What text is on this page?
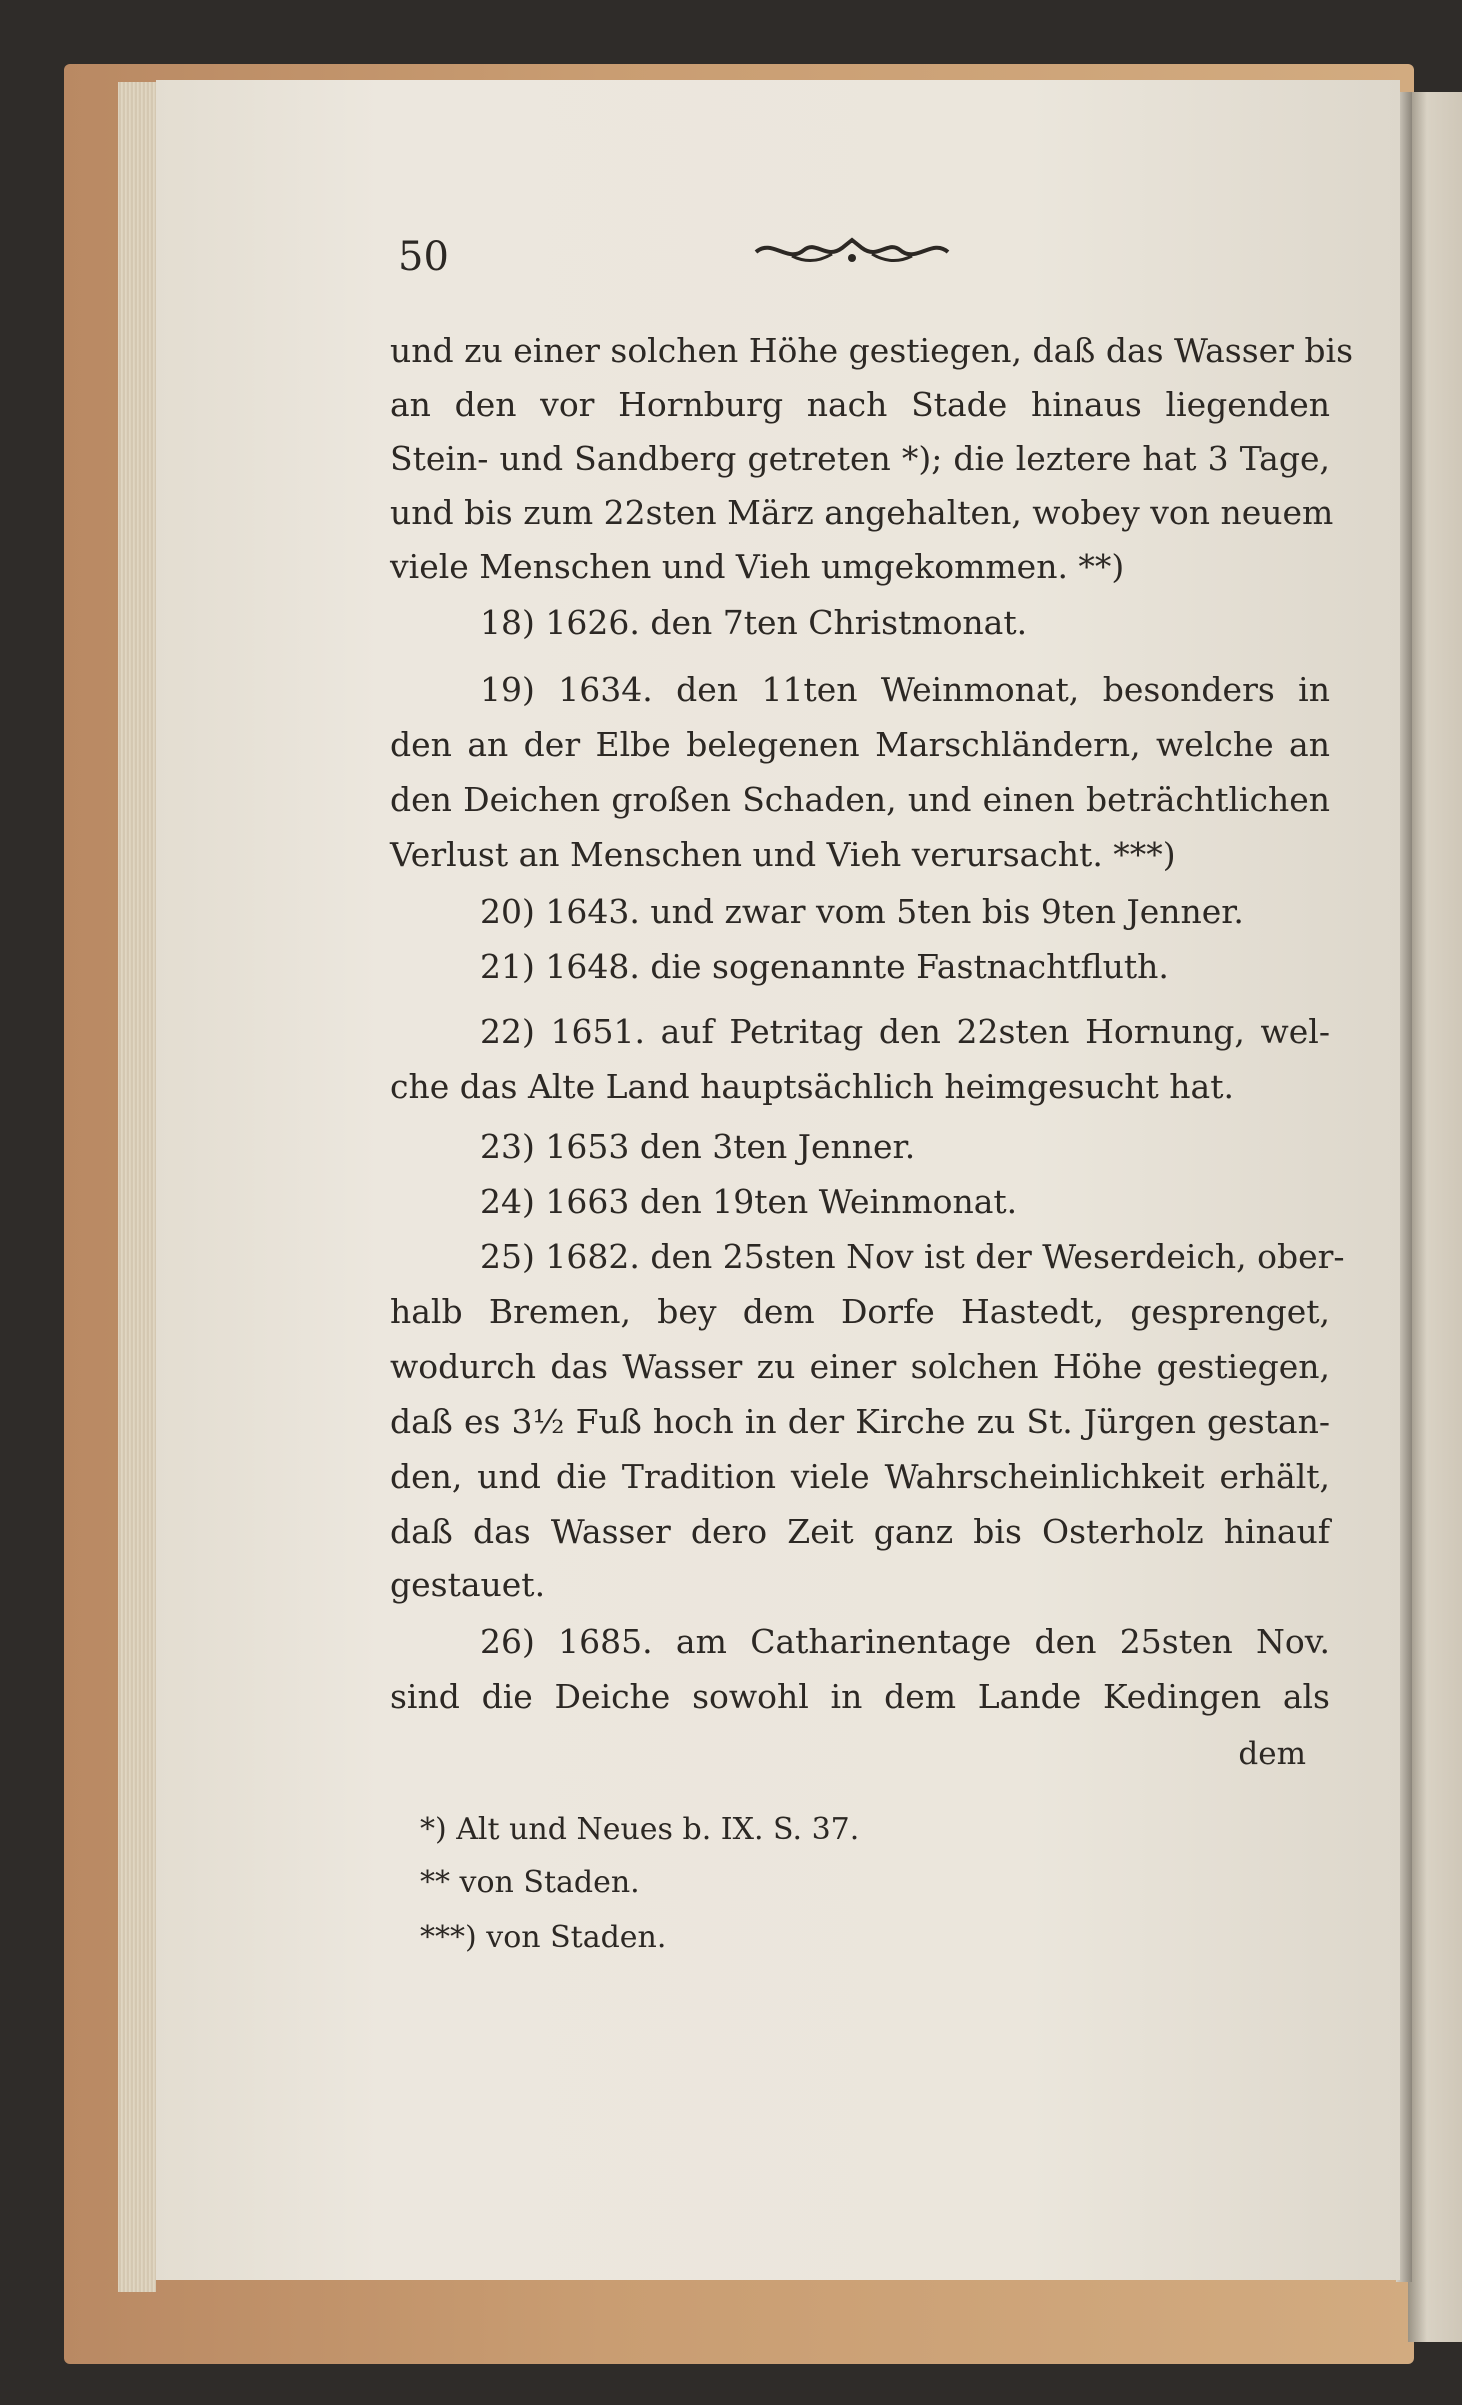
50

und zu einer solchen Höhe gestiegen, daß das Wasser bis

an den vor Hornburg nach Stade hinaus liegenden

Stein- und Sandberg getreten *); die leztere hat 3 Tage,

und bis zum 22sten März angehalten, wobey von neuem

viele Menschen und Vieh umgekommen. **)

18) 1626. den 7ten Christmonat.

19) 1634. den 11ten Weinmonat, besonders in

den an der Elbe belegenen Marschländern, welche an

den Deichen großen Schaden, und einen beträchtlichen

Verlust an Menschen und Vieh verursacht. ***)

20) 1643. und zwar vom 5ten bis 9ten Jenner.

21) 1648. die sogenannte Fastnachtfluth.

22) 1651. auf Petritag den 22sten Hornung, wel-

che das Alte Land hauptsächlich heimgesucht hat.

23) 1653 den 3ten Jenner.

24) 1663 den 19ten Weinmonat.

25) 1682. den 25sten Nov ist der Weserdeich, ober-

halb Bremen, bey dem Dorfe Hastedt, gesprenget,

wodurch das Wasser zu einer solchen Höhe gestiegen,

daß es 3½ Fuß hoch in der Kirche zu St. Jürgen gestan-

den, und die Tradition viele Wahrscheinlichkeit erhält,

daß das Wasser dero Zeit ganz bis Osterholz hinauf

gestauet.

26) 1685. am Catharinentage den 25sten Nov.

sind die Deiche sowohl in dem Lande Kedingen als

dem

*) Alt und Neues b. IX. S. 37.

** von Staden.

***) von Staden.
